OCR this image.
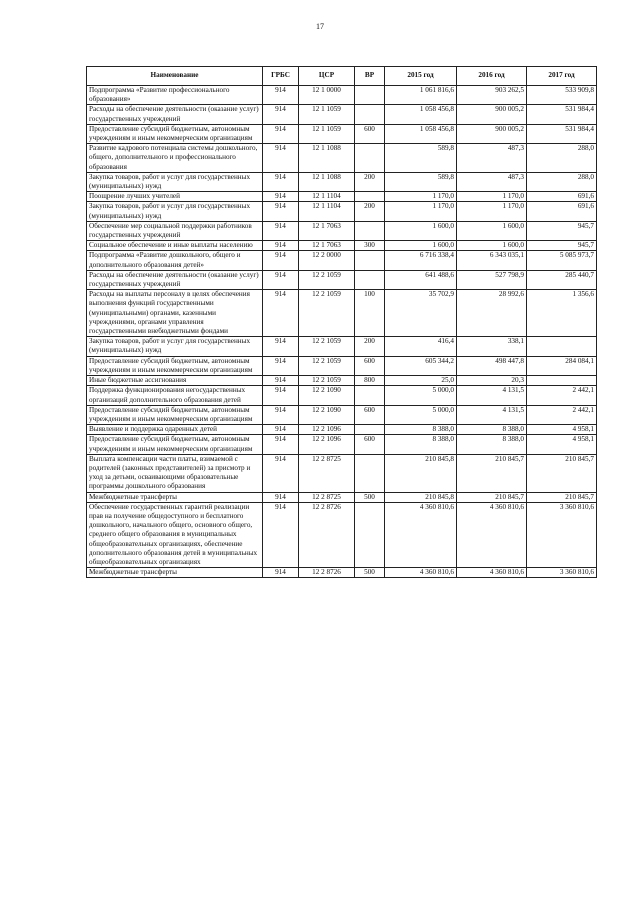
17
Наименование	ГРБС	ЦСР	ВР	2015 год	2016 год	2017 год
Подпрограмма «Развитие профессионального образования»	914	12 1 0000		1 061 816,6	903 262,5	533 909,8
Расходы на обеспечение деятельности (оказание услуг) государственных учреждений	914	12 1 1059		1 058 456,8	900 005,2	531 984,4
Предоставление субсидий бюджетным, автономным учреждениям и иным некоммерческим организациям	914	12 1 1059	600	1 058 456,8	900 005,2	531 984,4
Развитие кадрового потенциала системы дошкольного, общего, дополнительного и профессионального образования	914	12 1 1088		589,8	487,3	288,0
Закупка товаров, работ и услуг для государственных (муниципальных) нужд	914	12 1 1088	200	589,8	487,3	288,0
Поощрение лучших учителей	914	12 1 1104		1 170,0	1 170,0	691,6
Закупка товаров, работ и услуг для государственных (муниципальных) нужд	914	12 1 1104	200	1 170,0	1 170,0	691,6
Обеспечение мер социальной поддержки работников государственных учреждений	914	12 1 7063		1 600,0	1 600,0	945,7
Социальное обеспечение и иные выплаты населению	914	12 1 7063	300	1 600,0	1 600,0	945,7
Подпрограмма «Развитие дошкольного, общего и дополнительного образования детей»	914	12 2 0000		6 716 338,4	6 343 035,1	5 085 973,7
Расходы на обеспечение деятельности (оказание услуг) государственных учреждений	914	12 2 1059		641 488,6	527 798,9	285 440,7
Расходы на выплаты персоналу в целях обеспечения выполнения функций государственными (муниципальными) органами, казенными учреждениями, органами управления государственными внебюджетными фондами	914	12 2 1059	100	35 702,9	28 992,6	1 356,6
Закупка товаров, работ и услуг для государственных (муниципальных) нужд	914	12 2 1059	200	416,4	338,1	
Предоставление субсидий бюджетным, автономным учреждениям и иным некоммерческим организациям	914	12 2 1059	600	605 344,2	498 447,8	284 084,1
Иные бюджетные ассигнования	914	12 2 1059	800	25,0	20,3	
Поддержка функционирования негосударственных организаций дополнительного образования детей	914	12 2 1090		5 000,0	4 131,5	2 442,1
Предоставление субсидий бюджетным, автономным учреждениям и иным некоммерческим организациям	914	12 2 1090	600	5 000,0	4 131,5	2 442,1
Выявление и поддержка одаренных детей	914	12 2 1096		8 388,0	8 388,0	4 958,1
Предоставление субсидий бюджетным, автономным учреждениям и иным некоммерческим организациям	914	12 2 1096	600	8 388,0	8 388,0	4 958,1
Выплата компенсации части платы, взимаемой с родителей (законных представителей) за присмотр и уход за детьми, осваивающими образовательные программы дошкольного образования	914	12 2 8725		210 845,8	210 845,7	210 845,7
Межбюджетные трансферты	914	12 2 8725	500	210 845,8	210 845,7	210 845,7
Обеспечение государственных гарантий реализации прав на получение общедоступного и бесплатного дошкольного, начального общего, основного общего, среднего общего образования в муниципальных общеобразовательных организациях, обеспечение дополнительного образования детей в муниципальных общеобразовательных организациях	914	12 2 8726		4 360 810,6	4 360 810,6	3 360 810,6
Межбюджетные трансферты	914	12 2 8726	500	4 360 810,6	4 360 810,6	3 360 810,6
